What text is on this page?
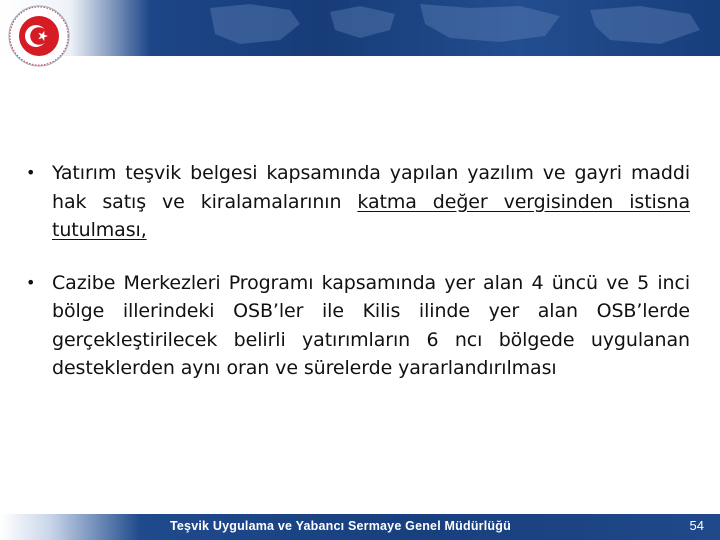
• Yatırım teşvik belgesi kapsamında yapılan yazılım ve gayri maddi hak satış ve kiralamalarının katma değer vergisinden istisna tutulması,
• Cazibe Merkezleri Programı kapsamında yer alan 4 üncü ve 5 inci bölge illerindeki OSB’ler ile Kilis ilinde yer alan OSB’lerde gerçekleştirilecek belirli yatırımların 6 ncı bölgede uygulanan desteklerden aynı oran ve sürelerde yararlandırılması
Teşvik Uygulama ve Yabancı Sermaye Genel Müdürlüğü	54
